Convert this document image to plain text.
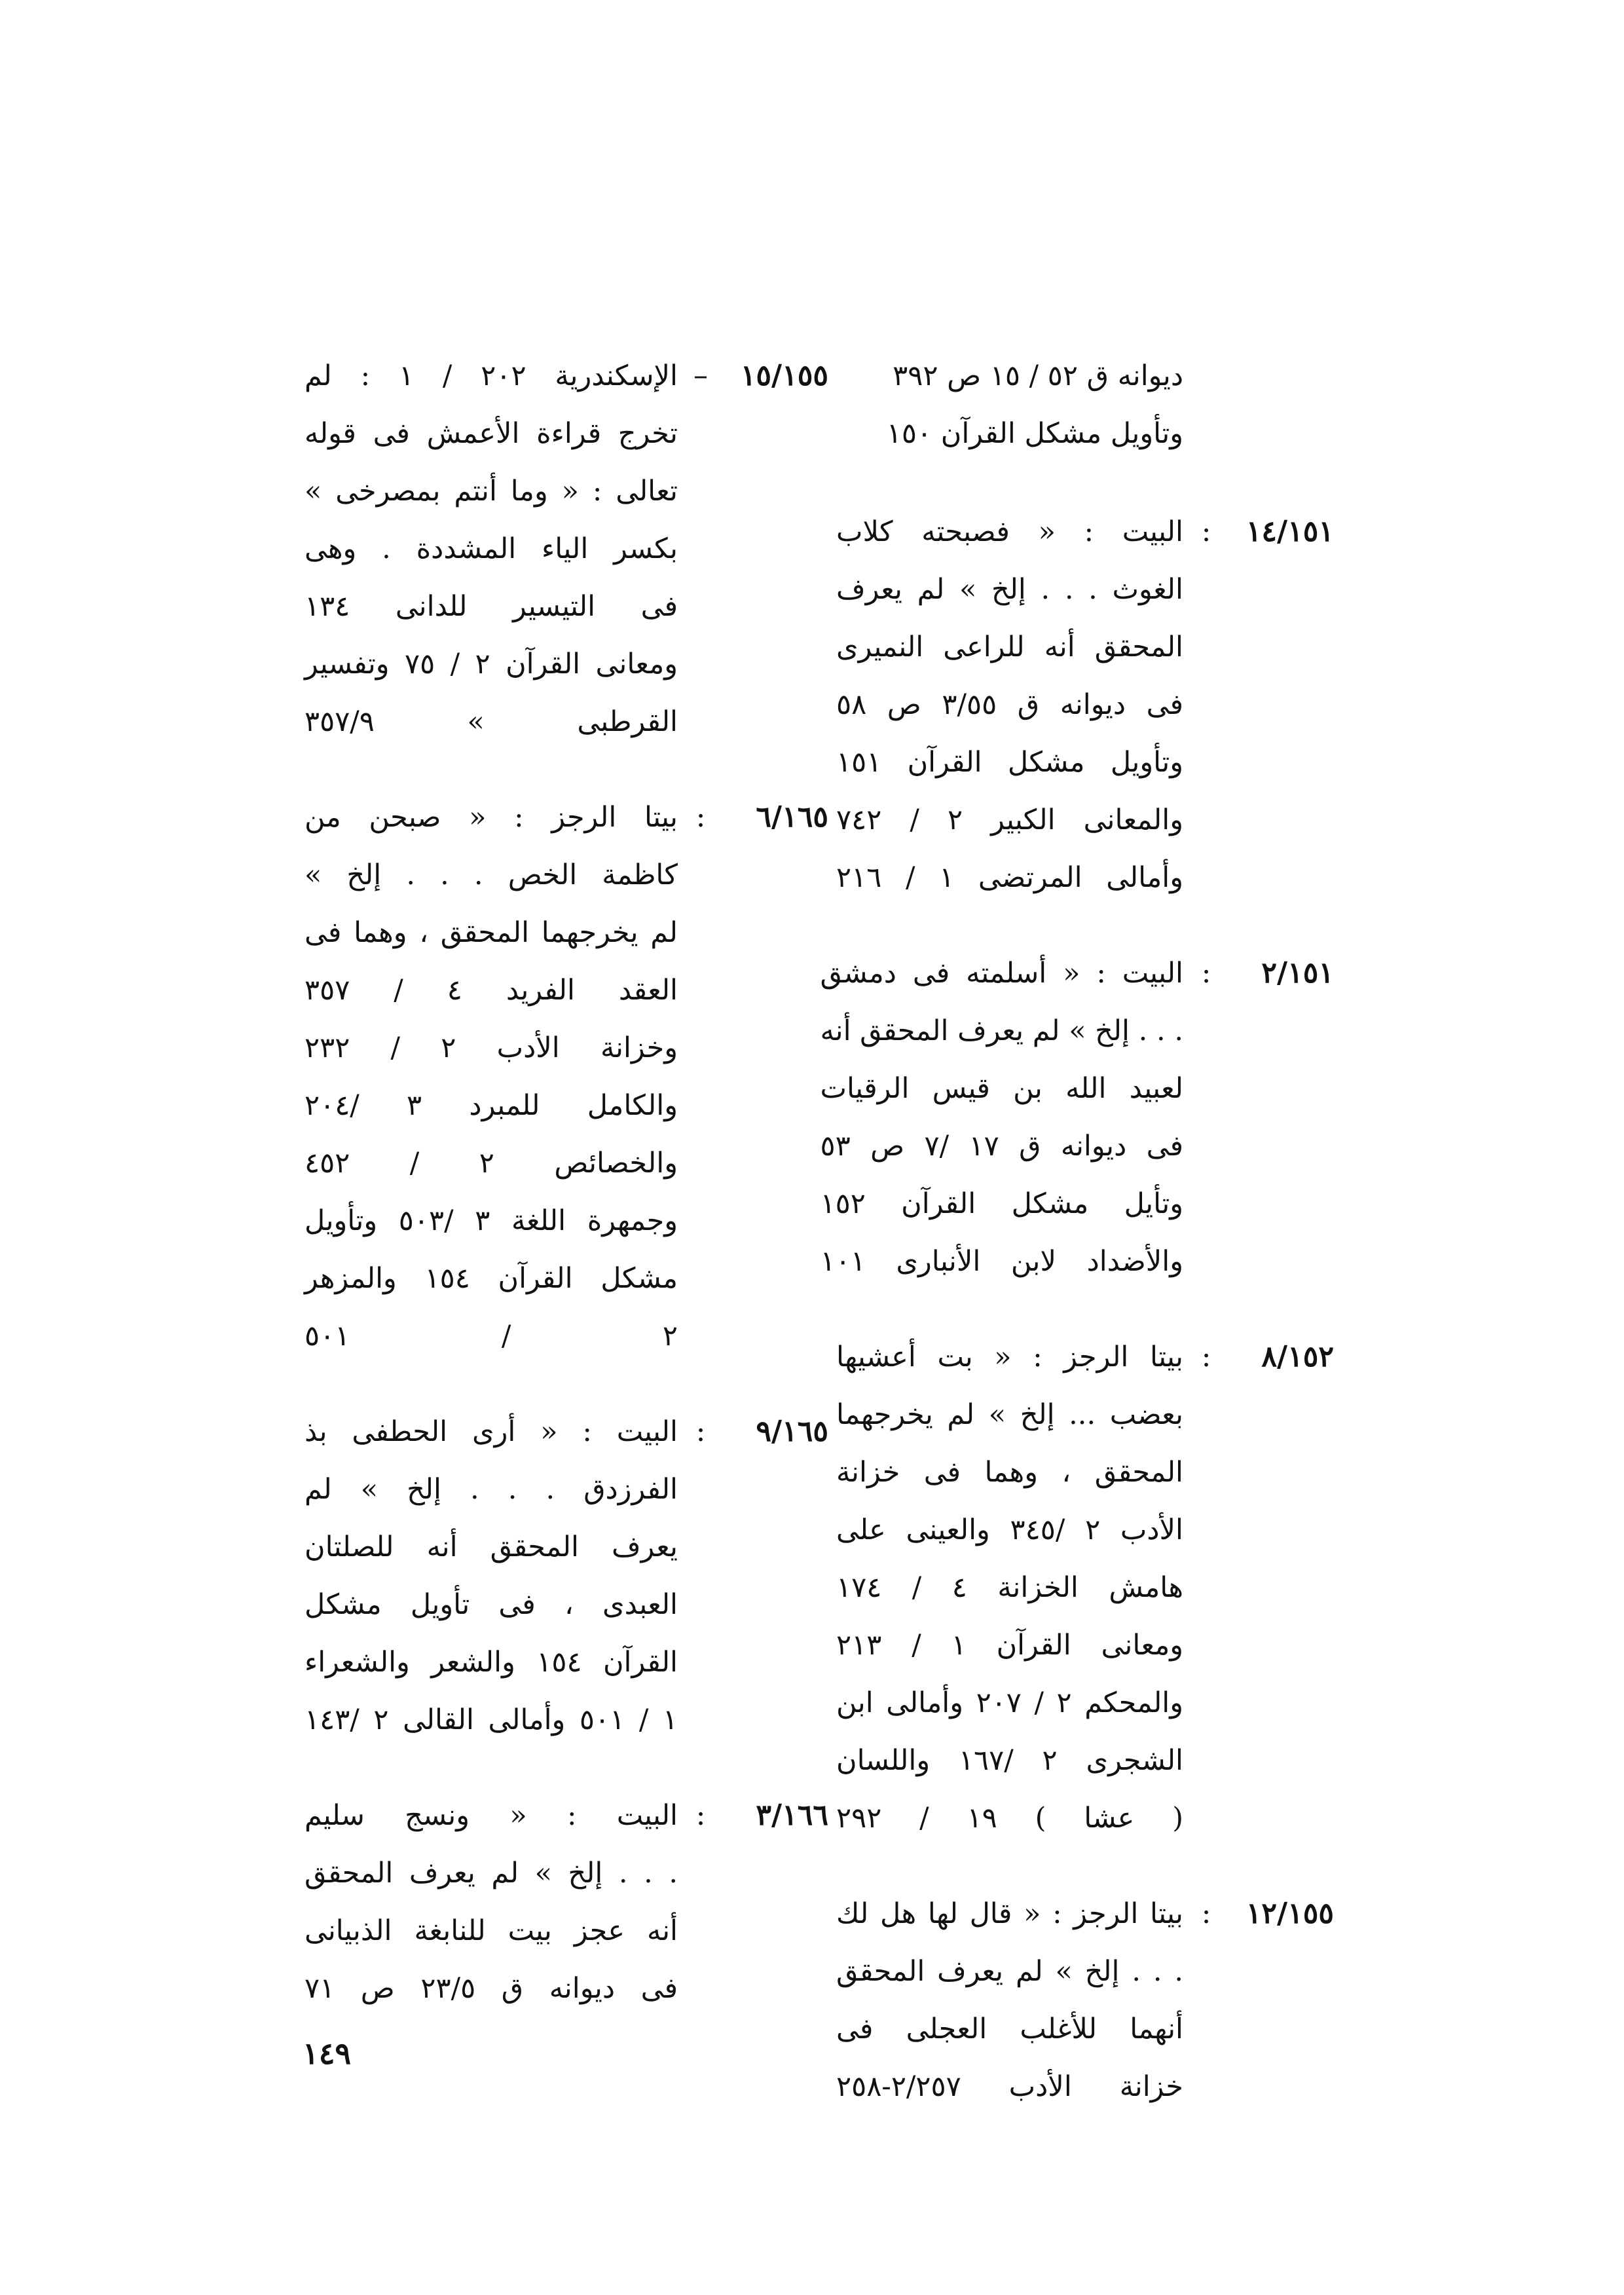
ديوانه ق ٥٢ / ١٥ ص ٣٩٢
وتأويل مشكل القرآن ١٥٠
١٤/١٥١
:
البيت : « فصبحته كلاب
الغوث . . . إلخ » لم يعرف
المحقق أنه للراعى النميرى
فى ديوانه ق ٣/٥٥ ص ٥٨
وتأويل مشكل القرآن ١٥١
والمعانى الكبير ٢ / ٧٤٢
وأمالى المرتضى ١ / ٢١٦
٢/١٥١
:
البيت : « أسلمته فى دمشق
. . . إلخ » لم يعرف المحقق أنه
لعبيد الله بن قيس الرقيات
فى ديوانه ق ١٧ /٧ ص ٥٣
وتأيل مشكل القرآن ١٥٢
والأضداد لابن الأنبارى ١٠١
٨/١٥٢
:
بيتا الرجز : « بت أعشيها
بعضب ... إلخ » لم يخرجهما
المحقق ، وهما فى خزانة
الأدب ٢ /٣٤٥ والعينى على
هامش الخزانة ٤ / ١٧٤
ومعانى القرآن ١ / ٢١٣
والمحكم ٢ / ٢٠٧ وأمالى ابن
الشجرى ٢ /١٦٧ واللسان
( عشا ) ١٩ / ٢٩٢
١٢/١٥٥
:
بيتا الرجز : « قال لها هل لك
. . . إلخ » لم يعرف المحقق
أنهما للأغلب العجلى فى
خزانة الأدب ٢/٢٥٧-٢٥٨
١٥/١٥٥
–
الإسكندرية ٢٠٢ / ١ : لم
تخرج قراءة الأعمش فى قوله
تعالى : « وما أنتم بمصرخى »
بكسر الياء المشددة . وهى
فى التيسير للدانى ١٣٤
ومعانى القرآن ٢ / ٧٥ وتفسير
القرطبى » ٣٥٧/٩
٦/١٦٥
:
بيتا الرجز : « صبحن من
كاظمة الخص . . . إلخ »
لم يخرجهما المحقق ، وهما فى
العقد الفريد ٤ / ٣٥٧
وخزانة الأدب ٢ / ٢٣٢
والكامل للمبرد ٣ /٢٠٤
والخصائص ٢ / ٤٥٢
وجمهرة اللغة ٣ /٥٠٣ وتأويل
مشكل القرآن ١٥٤ والمزهر
٢ / ٥٠١
٩/١٦٥
:
البيت : « أرى الحطفى بذ
الفرزدق . . . إلخ » لم
يعرف المحقق أنه للصلتان
العبدى ، فى تأويل مشكل
القرآن ١٥٤ والشعر والشعراء
١ / ٥٠١ وأمالى القالى ٢ /١٤٣
٣/١٦٦
:
البيت : « ونسج سليم
. . . إلخ » لم يعرف المحقق
أنه عجز بيت للنابغة الذبيانى
فى ديوانه ق ٢٣/٥ ص ٧١
١٤٩
